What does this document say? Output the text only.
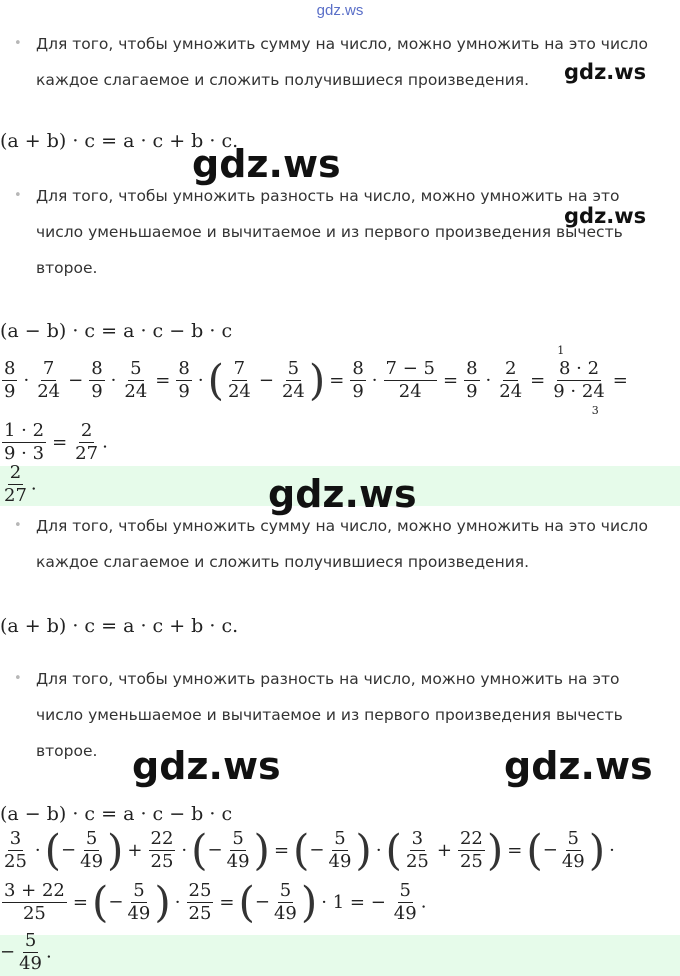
gdz.ws
• Для того, чтобы умножить сумму на число, можно умножить на это число
каждое слагаемое и сложить получившиеся произведения.	gdz.ws
(a + b) · c = a · c + b · c.
gdz.ws
• Для того, чтобы умножить разность на число, можно умножить на это
число уменьшаемое и вычитаемое и из первого произведения вычесть
второе.
gdz.ws
(a − b) · c = a · c − b · c
$\frac{8}{9} \cdot \frac{7}{24} - \frac{8}{9} \cdot \frac{5}{24} = \frac{8}{9}$ ·( $\frac{7}{24} - \frac{5}{24}$ ) = $\frac{8}{9} \cdot \frac{7 - 5}{24} = \frac{8}{9} \cdot \frac{2}{24}$ =
1
8 · 2
9 · 24
3
=
$\frac{1 \cdot 2}{9 \cdot 3} = \frac{2}{27}$ .
$\frac{2}{27}$ .	gdz.ws
• Для того, чтобы умножить сумму на число, можно умножить на это число
каждое слагаемое и сложить получившиеся произведения.
(a + b) · c = a · c + b · c.
• Для того, чтобы умножить разность на число, можно умножить на это
число уменьшаемое и вычитаемое и из первого произведения вычесть
второе. gdz.ws	gdz.ws
(a − b) · c = a · c − b · c
$\frac{3}{25}$ ·(− $\frac{5}{49}$ ) + $\frac{22}{25}$ ·(− $\frac{5}{49}$ ) =(− $\frac{5}{49}$ ) ·( $\frac{3}{25} + \frac{22}{25}$ ) =(− $\frac{5}{49}$ ) ·
$\frac{3 + 22}{25}$ =(− $\frac{5}{49}$ ) · $\frac{25}{25}$ =(− $\frac{5}{49}$ ) · 1 = − $\frac{5}{49}$ .
− $\frac{5}{49}$ .
